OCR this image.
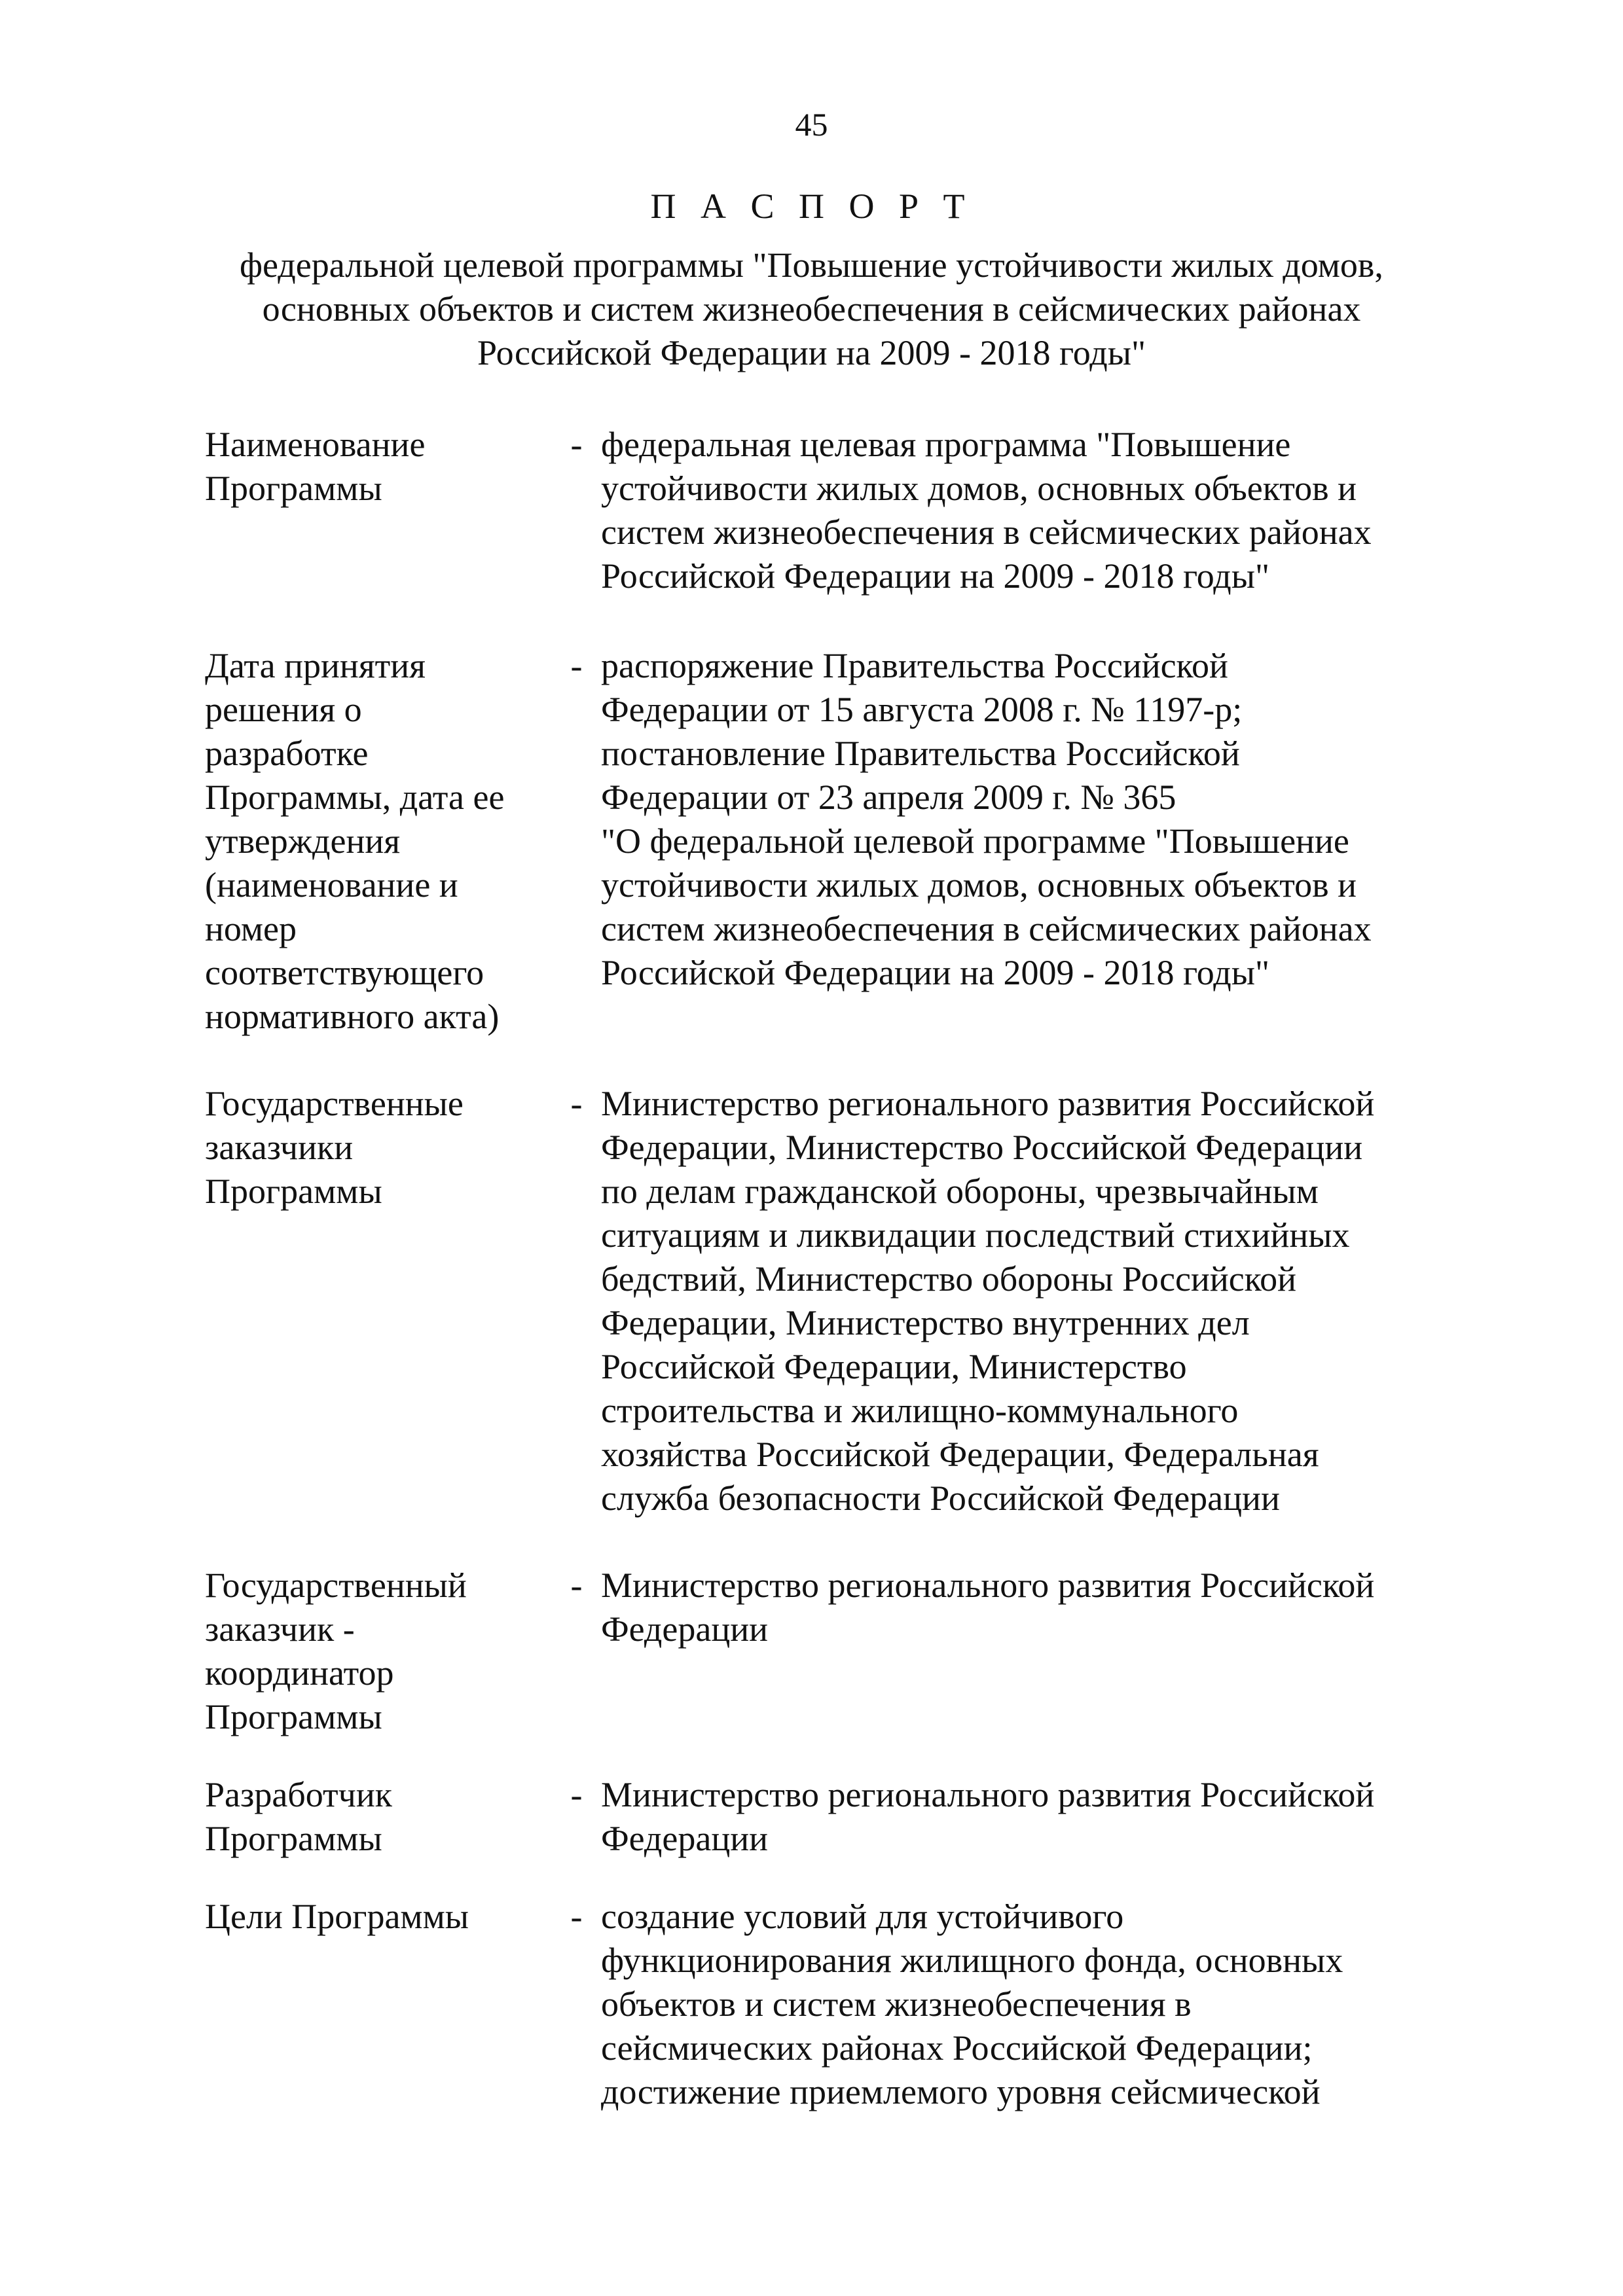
45
П А С П О Р Т
федеральной целевой программы "Повышение устойчивости жилых домов,
основных объектов и систем жизнеобеспечения в сейсмических районах
Российской Федерации на 2009 - 2018 годы"
Наименование
Программы
- федеральная целевая программа "Повышение
устойчивости жилых домов, основных объектов и
систем жизнеобеспечения в сейсмических районах
Российской Федерации на 2009 - 2018 годы"
Дата принятия
решения о
разработке
Программы, дата ее
утверждения
(наименование и
номер
соответствующего
нормативного акта)
- распоряжение Правительства Российской
Федерации от 15 августа 2008 г. № 1197-р;
постановление Правительства Российской
Федерации от 23 апреля 2009 г. № 365
"О федеральной целевой программе "Повышение
устойчивости жилых домов, основных объектов и
систем жизнеобеспечения в сейсмических районах
Российской Федерации на 2009 - 2018 годы"
Государственные
заказчики
Программы
- Министерство регионального развития Российской
Федерации, Министерство Российской Федерации
по делам гражданской обороны, чрезвычайным
ситуациям и ликвидации последствий стихийных
бедствий, Министерство обороны Российской
Федерации, Министерство внутренних дел
Российской Федерации, Министерство
строительства и жилищно-коммунального
хозяйства Российской Федерации, Федеральная
служба безопасности Российской Федерации
Государственный
заказчик -
координатор
Программы
- Министерство регионального развития Российской
Федерации
Разработчик
Программы
- Министерство регионального развития Российской
Федерации
Цели Программы	- создание условий для устойчивого
функционирования жилищного фонда, основных
объектов и систем жизнеобеспечения в
сейсмических районах Российской Федерации;
достижение приемлемого уровня сейсмической
